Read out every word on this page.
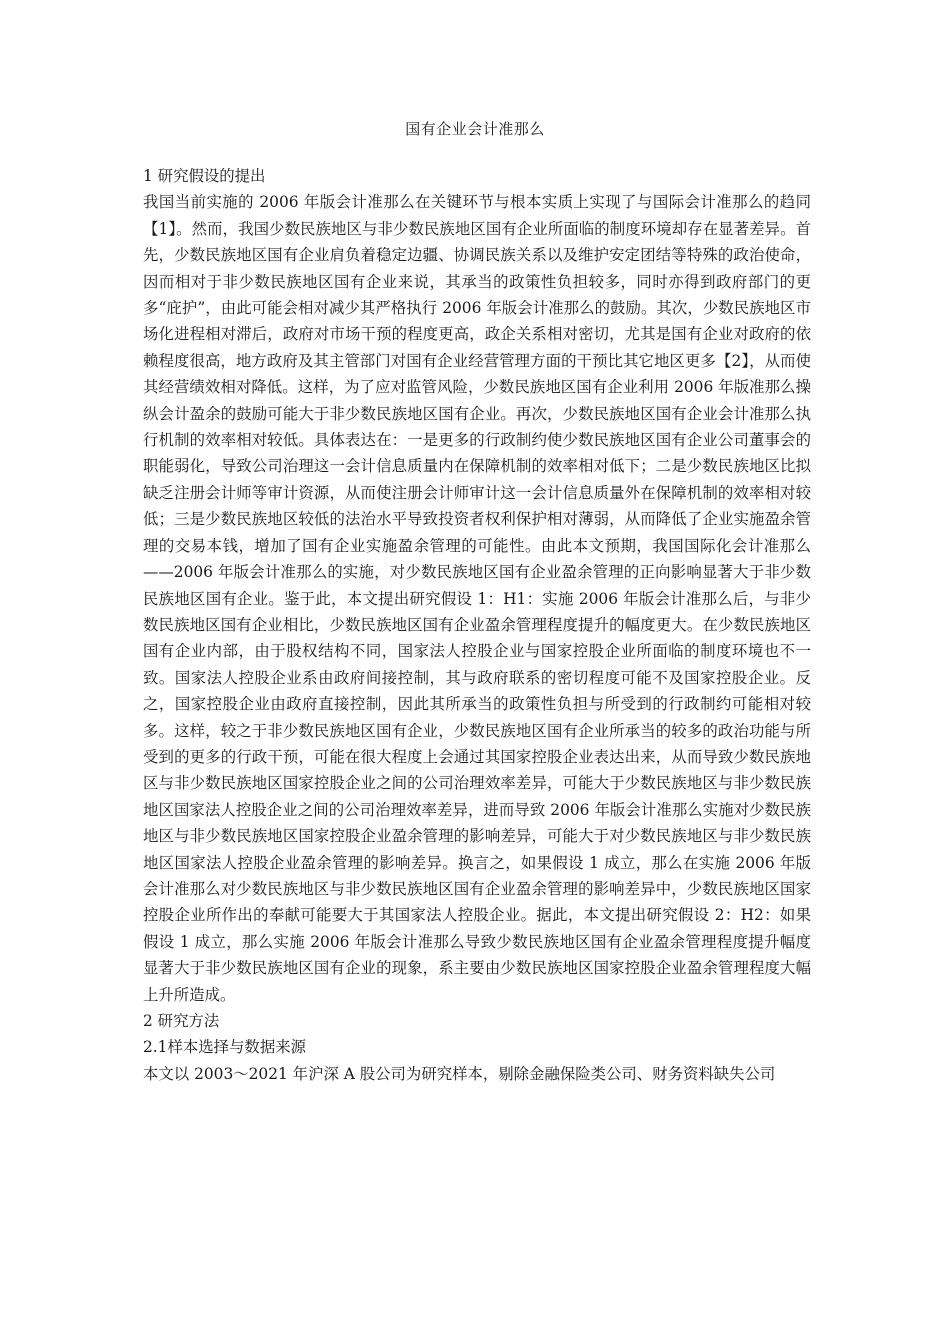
国有企业会计准那么

1 研究假设的提出

我国当前实施的 2006 年版会计准那么在关键环节与根本实质上实现了与国际会计准那么的趋同【1】。然而，我国少数民族地区与非少数民族地区国有企业所面临的制度环境却存在显著差异。首先，少数民族地区国有企业肩负着稳定边疆、协调民族关系以及维护安定团结等特殊的政治使命，因而相对于非少数民族地区国有企业来说，其承当的政策性负担较多，同时亦得到政府部门的更多“庇护”，由此可能会相对减少其严格执行 2006 年版会计准那么的鼓励。其次，少数民族地区市场化进程相对滞后，政府对市场干预的程度更高，政企关系相对密切，尤其是国有企业对政府的依赖程度很高，地方政府及其主管部门对国有企业经营管理方面的干预比其它地区更多【2】，从而使其经营绩效相对降低。这样，为了应对监管风险，少数民族地区国有企业利用 2006 年版准那么操纵会计盈余的鼓励可能大于非少数民族地区国有企业。再次，少数民族地区国有企业会计准那么执行机制的效率相对较低。具体表达在：一是更多的行政制约使少数民族地区国有企业公司董事会的职能弱化，导致公司治理这一会计信息质量内在保障机制的效率相对低下；二是少数民族地区比拟缺乏注册会计师等审计资源，从而使注册会计师审计这一会计信息质量外在保障机制的效率相对较低；三是少数民族地区较低的法治水平导致投资者权利保护相对薄弱，从而降低了企业实施盈余管理的交易本钱，增加了国有企业实施盈余管理的可能性。由此本文预期，我国国际化会计准那么——2006 年版会计准那么的实施，对少数民族地区国有企业盈余管理的正向影响显著大于非少数民族地区国有企业。鉴于此，本文提出研究假设 1：H1：实施 2006 年版会计准那么后，与非少数民族地区国有企业相比，少数民族地区国有企业盈余管理程度提升的幅度更大。在少数民族地区国有企业内部，由于股权结构不同，国家法人控股企业与国家控股企业所面临的制度环境也不一致。国家法人控股企业系由政府间接控制，其与政府联系的密切程度可能不及国家控股企业。反之，国家控股企业由政府直接控制，因此其所承当的政策性负担与所受到的行政制约可能相对较多。这样，较之于非少数民族地区国有企业，少数民族地区国有企业所承当的较多的政治功能与所受到的更多的行政干预，可能在很大程度上会通过其国家控股企业表达出来，从而导致少数民族地区与非少数民族地区国家控股企业之间的公司治理效率差异，可能大于少数民族地区与非少数民族地区国家法人控股企业之间的公司治理效率差异，进而导致 2006 年版会计准那么实施对少数民族地区与非少数民族地区国家控股企业盈余管理的影响差异，可能大于对少数民族地区与非少数民族地区国家法人控股企业盈余管理的影响差异。换言之，如果假设 1 成立，那么在实施 2006 年版会计准那么对少数民族地区与非少数民族地区国有企业盈余管理的影响差异中，少数民族地区国家控股企业所作出的奉献可能要大于其国家法人控股企业。据此，本文提出研究假设 2：H2：如果假设 1 成立，那么实施 2006 年版会计准那么导致少数民族地区国有企业盈余管理程度提升幅度显著大于非少数民族地区国有企业的现象，系主要由少数民族地区国家控股企业盈余管理程度大幅上升所造成。

2 研究方法

2.1样本选择与数据来源

本文以 2003～2021 年沪深 A 股公司为研究样本，剔除金融保险类公司、财务资料缺失公司
